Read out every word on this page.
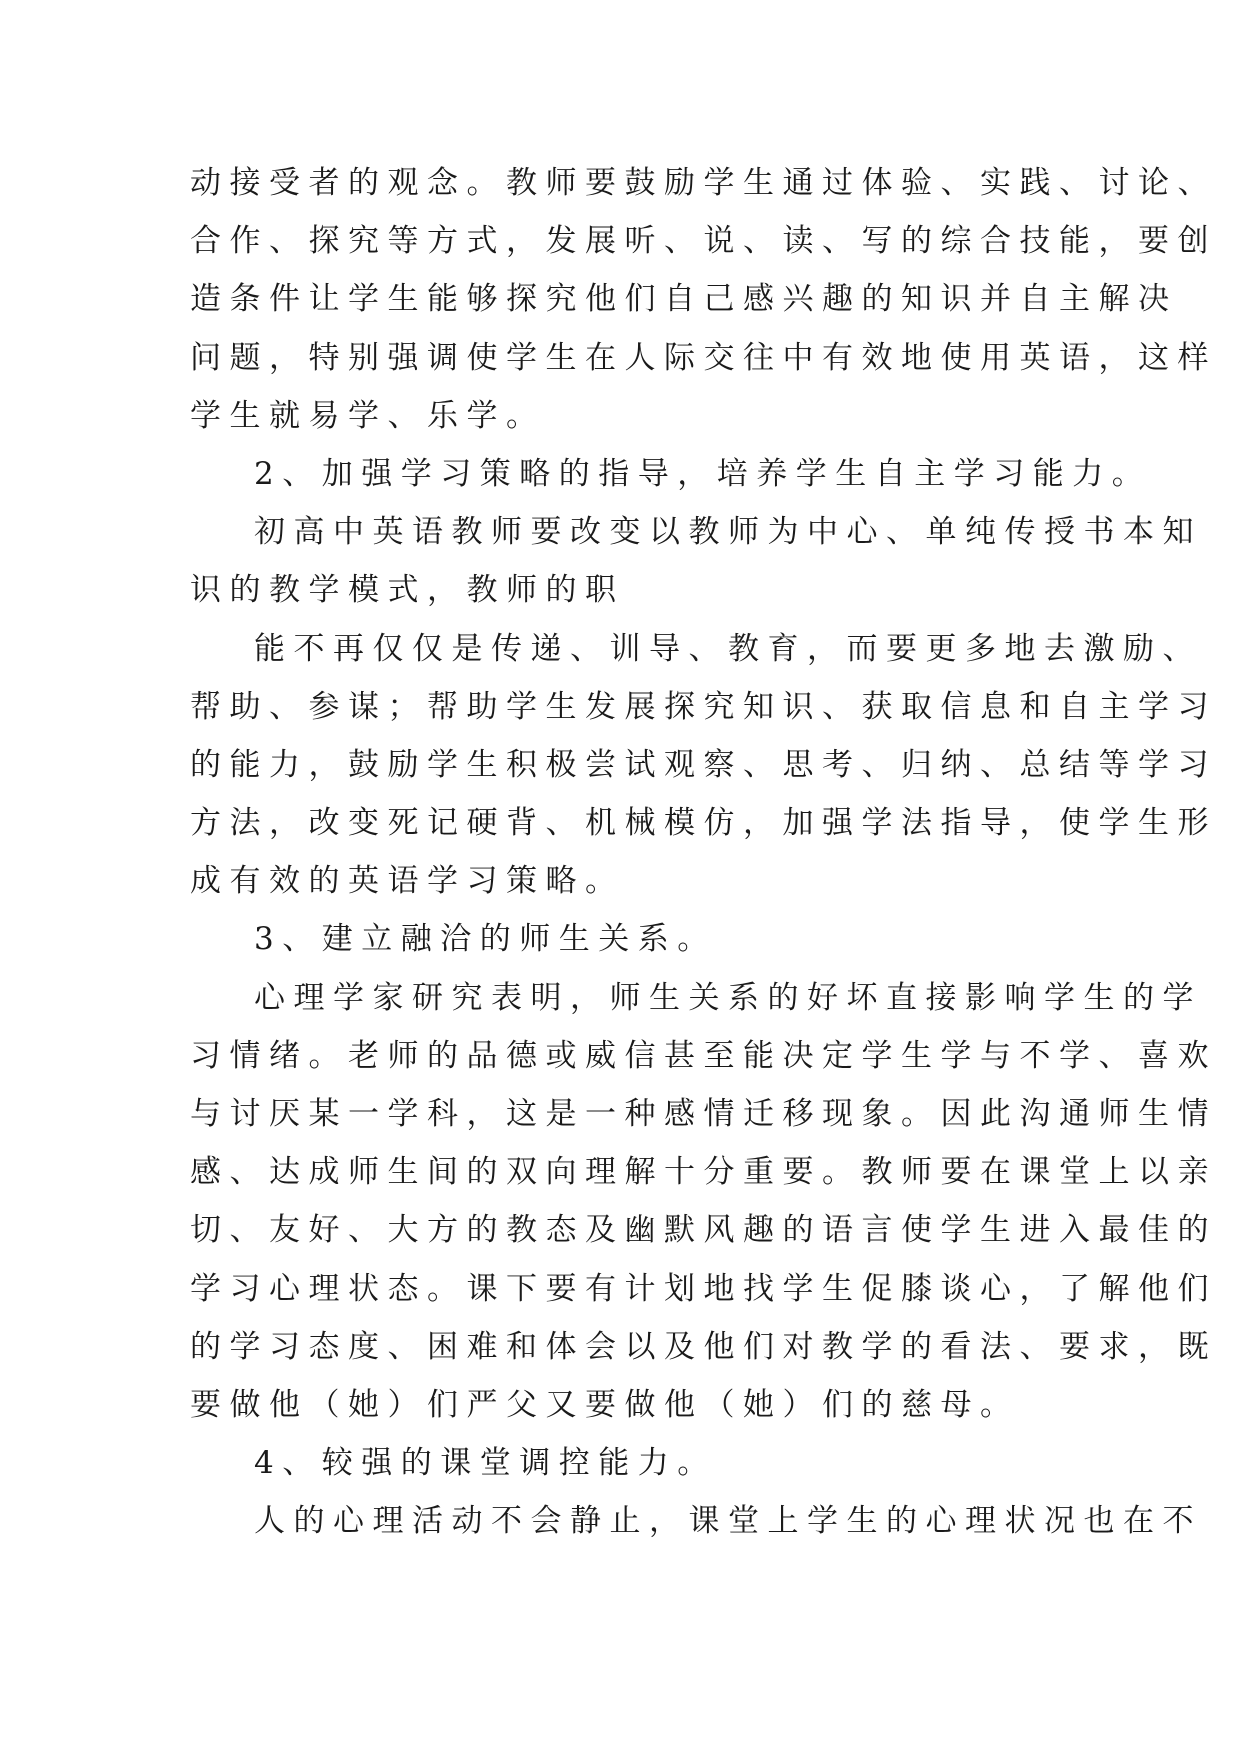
动接受者的观念。教师要鼓励学生通过体验、实践、讨论、
合作、探究等方式，发展听、说、读、写的综合技能，要创
造条件让学生能够探究他们自己感兴趣的知识并自主解决
问题，特别强调使学生在人际交往中有效地使用英语，这样
学生就易学、乐学。
2、加强学习策略的指导，培养学生自主学习能力。
初高中英语教师要改变以教师为中心、单纯传授书本知
识的教学模式，教师的职
能不再仅仅是传递、训导、教育，而要更多地去激励、
帮助、参谋；帮助学生发展探究知识、获取信息和自主学习
的能力，鼓励学生积极尝试观察、思考、归纳、总结等学习
方法，改变死记硬背、机械模仿，加强学法指导，使学生形
成有效的英语学习策略。
3、建立融洽的师生关系。
心理学家研究表明，师生关系的好坏直接影响学生的学
习情绪。老师的品德或威信甚至能决定学生学与不学、喜欢
与讨厌某一学科，这是一种感情迁移现象。因此沟通师生情
感、达成师生间的双向理解十分重要。教师要在课堂上以亲
切、友好、大方的教态及幽默风趣的语言使学生进入最佳的
学习心理状态。课下要有计划地找学生促膝谈心，了解他们
的学习态度、困难和体会以及他们对教学的看法、要求，既
要做他（她）们严父又要做他（她）们的慈母。
4、较强的课堂调控能力。
人的心理活动不会静止，课堂上学生的心理状况也在不
